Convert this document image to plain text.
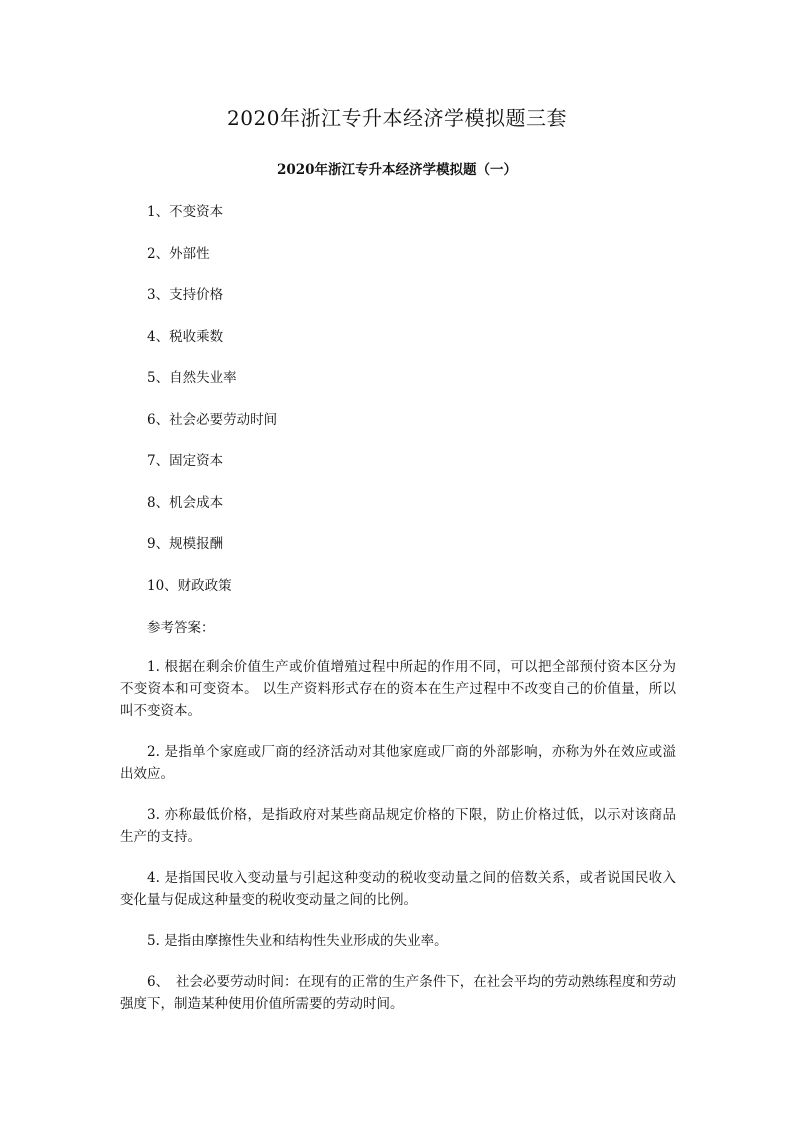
2020年浙江专升本经济学模拟题三套
2020年浙江专升本经济学模拟题（一）
1、不变资本
2、外部性
3、支持价格
4、税收乘数
5、自然失业率
6、社会必要劳动时间
7、固定资本
8、机会成本
9、规模报酬
10、财政政策
参考答案：

1. 根据在剩余价值生产或价值增殖过程中所起的作用不同，可以把全部预付资本区分为不变资本和可变资本。 以生产资料形式存在的资本在生产过程中不改变自己的价值量，所以叫不变资本。

2. 是指单个家庭或厂商的经济活动对其他家庭或厂商的外部影响，亦称为外在效应或溢出效应。

3. 亦称最低价格，是指政府对某些商品规定价格的下限，防止价格过低，以示对该商品生产的支持。

4. 是指国民收入变动量与引起这种变动的税收变动量之间的倍数关系，或者说国民收入变化量与促成这种量变的税收变动量之间的比例。

5. 是指由摩擦性失业和结构性失业形成的失业率。

6、　社会必要劳动时间：在现有的正常的生产条件下，在社会平均的劳动熟练程度和劳动强度下，制造某种使用价值所需要的劳动时间。
